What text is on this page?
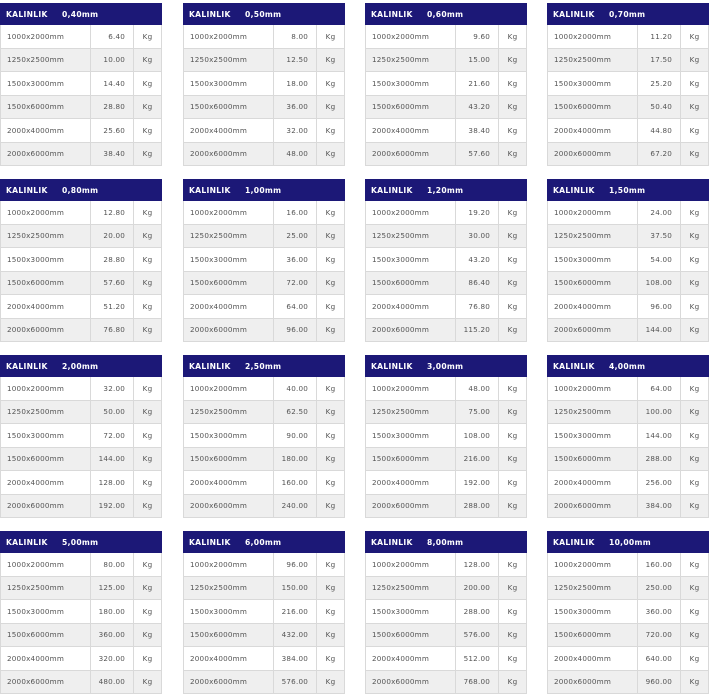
KALINLIK	0,40mm
1000x2000mm	6.40	Kg
1250x2500mm	10.00	Kg
1500x3000mm	14.40	Kg
1500x6000mm	28.80	Kg
2000x4000mm	25.60	Kg
2000x6000mm	38.40	Kg
KALINLIK	0,50mm
1000x2000mm	8.00	Kg
1250x2500mm	12.50	Kg
1500x3000mm	18.00	Kg
1500x6000mm	36.00	Kg
2000x4000mm	32.00	Kg
2000x6000mm	48.00	Kg
KALINLIK	0,60mm
1000x2000mm	9.60	Kg
1250x2500mm	15.00	Kg
1500x3000mm	21.60	Kg
1500x6000mm	43.20	Kg
2000x4000mm	38.40	Kg
2000x6000mm	57.60	Kg
KALINLIK	0,70mm
1000x2000mm	11.20	Kg
1250x2500mm	17.50	Kg
1500x3000mm	25.20	Kg
1500x6000mm	50.40	Kg
2000x4000mm	44.80	Kg
2000x6000mm	67.20	Kg
KALINLIK	0,80mm
1000x2000mm	12.80	Kg
1250x2500mm	20.00	Kg
1500x3000mm	28.80	Kg
1500x6000mm	57.60	Kg
2000x4000mm	51.20	Kg
2000x6000mm	76.80	Kg
KALINLIK	1,00mm
1000x2000mm	16.00	Kg
1250x2500mm	25.00	Kg
1500x3000mm	36.00	Kg
1500x6000mm	72.00	Kg
2000x4000mm	64.00	Kg
2000x6000mm	96.00	Kg
KALINLIK	1,20mm
1000x2000mm	19.20	Kg
1250x2500mm	30.00	Kg
1500x3000mm	43.20	Kg
1500x6000mm	86.40	Kg
2000x4000mm	76.80	Kg
2000x6000mm	115.20	Kg
KALINLIK	1,50mm
1000x2000mm	24.00	Kg
1250x2500mm	37.50	Kg
1500x3000mm	54.00	Kg
1500x6000mm	108.00	Kg
2000x4000mm	96.00	Kg
2000x6000mm	144.00	Kg
KALINLIK	2,00mm
1000x2000mm	32.00	Kg
1250x2500mm	50.00	Kg
1500x3000mm	72.00	Kg
1500x6000mm	144.00	Kg
2000x4000mm	128.00	Kg
2000x6000mm	192.00	Kg
KALINLIK	2,50mm
1000x2000mm	40.00	Kg
1250x2500mm	62.50	Kg
1500x3000mm	90.00	Kg
1500x6000mm	180.00	Kg
2000x4000mm	160.00	Kg
2000x6000mm	240.00	Kg
KALINLIK	3,00mm
1000x2000mm	48.00	Kg
1250x2500mm	75.00	Kg
1500x3000mm	108.00	Kg
1500x6000mm	216.00	Kg
2000x4000mm	192.00	Kg
2000x6000mm	288.00	Kg
KALINLIK	4,00mm
1000x2000mm	64.00	Kg
1250x2500mm	100.00	Kg
1500x3000mm	144.00	Kg
1500x6000mm	288.00	Kg
2000x4000mm	256.00	Kg
2000x6000mm	384.00	Kg
KALINLIK	5,00mm
1000x2000mm	80.00	Kg
1250x2500mm	125.00	Kg
1500x3000mm	180.00	Kg
1500x6000mm	360.00	Kg
2000x4000mm	320.00	Kg
2000x6000mm	480.00	Kg
KALINLIK	6,00mm
1000x2000mm	96.00	Kg
1250x2500mm	150.00	Kg
1500x3000mm	216.00	Kg
1500x6000mm	432.00	Kg
2000x4000mm	384.00	Kg
2000x6000mm	576.00	Kg
KALINLIK	8,00mm
1000x2000mm	128.00	Kg
1250x2500mm	200.00	Kg
1500x3000mm	288.00	Kg
1500x6000mm	576.00	Kg
2000x4000mm	512.00	Kg
2000x6000mm	768.00	Kg
KALINLIK	10,00mm
1000x2000mm	160.00	Kg
1250x2500mm	250.00	Kg
1500x3000mm	360.00	Kg
1500x6000mm	720.00	Kg
2000x4000mm	640.00	Kg
2000x6000mm	960.00	Kg
